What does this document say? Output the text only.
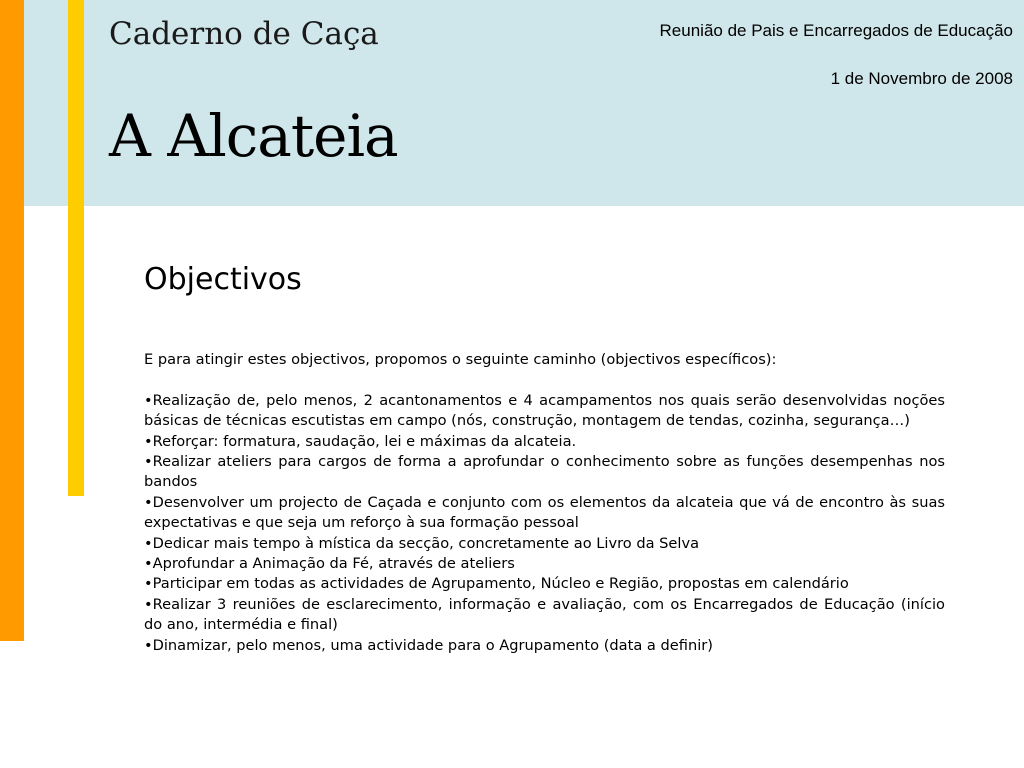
Caderno de Caça
A Alcateia
Reunião de Pais e Encarregados de Educação
1 de Novembro de 2008
Objectivos

E para atingir estes objectivos, propomos o seguinte caminho (objectivos específicos):

•Realização de, pelo menos, 2 acantonamentos e 4 acampamentos nos quais serão desenvolvidas noções básicas de técnicas escutistas em campo (nós, construção, montagem de tendas, cozinha, segurança…)
•Reforçar: formatura, saudação, lei e máximas da alcateia.
•Realizar ateliers para cargos de forma a aprofundar o conhecimento sobre as funções desempenhas nos bandos
•Desenvolver um projecto de Caçada e conjunto com os elementos da alcateia que vá de encontro às suas expectativas e que seja um reforço à sua formação pessoal
•Dedicar mais tempo à mística da secção, concretamente ao Livro da Selva
•Aprofundar a Animação da Fé, através de ateliers
•Participar em todas as actividades de Agrupamento, Núcleo e Região, propostas em calendário
•Realizar 3 reuniões de esclarecimento, informação e avaliação, com os Encarregados de Educação (início do ano, intermédia e final)
•Dinamizar, pelo menos, uma actividade para o Agrupamento (data a definir)
